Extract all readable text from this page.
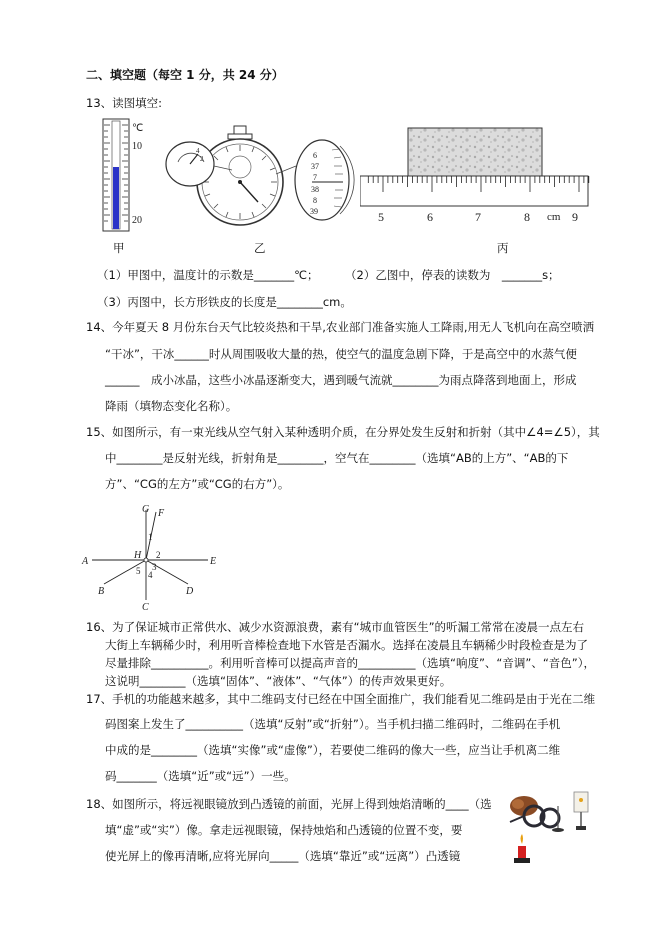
二、填空题（每空 1 分，共 24 分）
13、读图填空:
℃
10
20
甲
4
2	6
37
7
38
8
39
乙
5	6	7	8 cm 9
丙
（1）甲图中，温度计的示数是_______℃； （2）乙图中，停表的读数为　_______s；
（3）丙图中，长方形铁皮的长度是________cm。
14、今年夏天 8 月份东台天气比较炎热和干旱,农业部门准备实施人工降雨,用无人飞机向在高空喷洒
“干冰”，干冰______时从周围吸收大量的热，使空气的温度急剧下降，于是高空中的水蒸气便
______　成小冰晶，这些小冰晶逐渐变大，遇到暖气流就________为雨点降落到地面上，形成
降雨（填物态变化名称）。
15、如图所示，有一束光线从空气射入某种透明介质，在分界处发生反射和折射（其中∠4=∠5），其
中________是反射光线，折射角是________，空气在________（选填“AB的上方”、“AB的下
方”、“CG的左方”或“CG的右方”）。
G F
1
A
H 2
E
5 3
4
B	D
C
16、为了保证城市正常供水、减少水资源浪费，素有“城市血管医生”的听漏工常常在凌晨一点左右
大街上车辆稀少时，利用听音棒检查地下水管是否漏水。选择在凌晨且车辆稀少时段检查是为了
尽量排除__________。利用听音棒可以提高声音的__________（选填“响度”、“音调”、“音色”），
这说明________（选填“固体”、“液体”、“气体”）的传声效果更好。
17、手机的功能越来越多，其中二维码支付已经在中国全面推广，我们能看见二维码是由于光在二维
码图案上发生了__________（选填“反射”或“折射”）。当手机扫描二维码时，二维码在手机
中成的是________（选填“实像”或“虚像”），若要使二维码的像大一些，应当让手机离二维
码_______（选填“近”或“远”）一些。
18、如图所示，将远视眼镜放到凸透镜的前面，光屏上得到烛焰清晰的____（选
填“虚”或“实”）像。拿走远视眼镜，保持烛焰和凸透镜的位置不变，要
使光屏上的像再清晰,应将光屏向_____（选填“靠近”或“远离”）凸透镜
